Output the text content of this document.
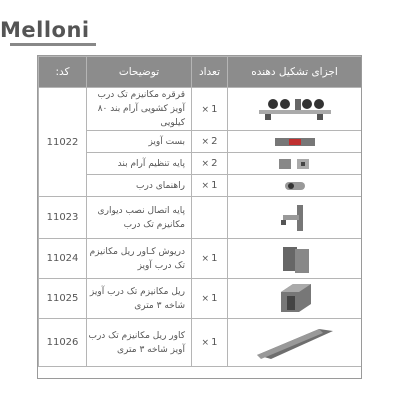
Melloni
کد:	توضیحات	تعداد	اجزای تشکیل دهنده
11022	قرقره مکانیزم تک درب آویز کشویی آرام بند ۸۰ کیلویی	× 1	

	بست آویز	× 2	

	پایه تنظیم آرام بند	× 2	

	راهنمای درب	× 1	

11023	پایه اتصال نصب دیواری مکانیزم تک درب		

11024	دریوش کـاور ریل مکانیزم تک درب آویز	× 1	

11025	ریل مکانیزم تک درب آویز شاخه ۳ متری	× 1	

11026	کاور ریل مکانیزم تک درب آویز شاخه ۳ متری	× 1	
